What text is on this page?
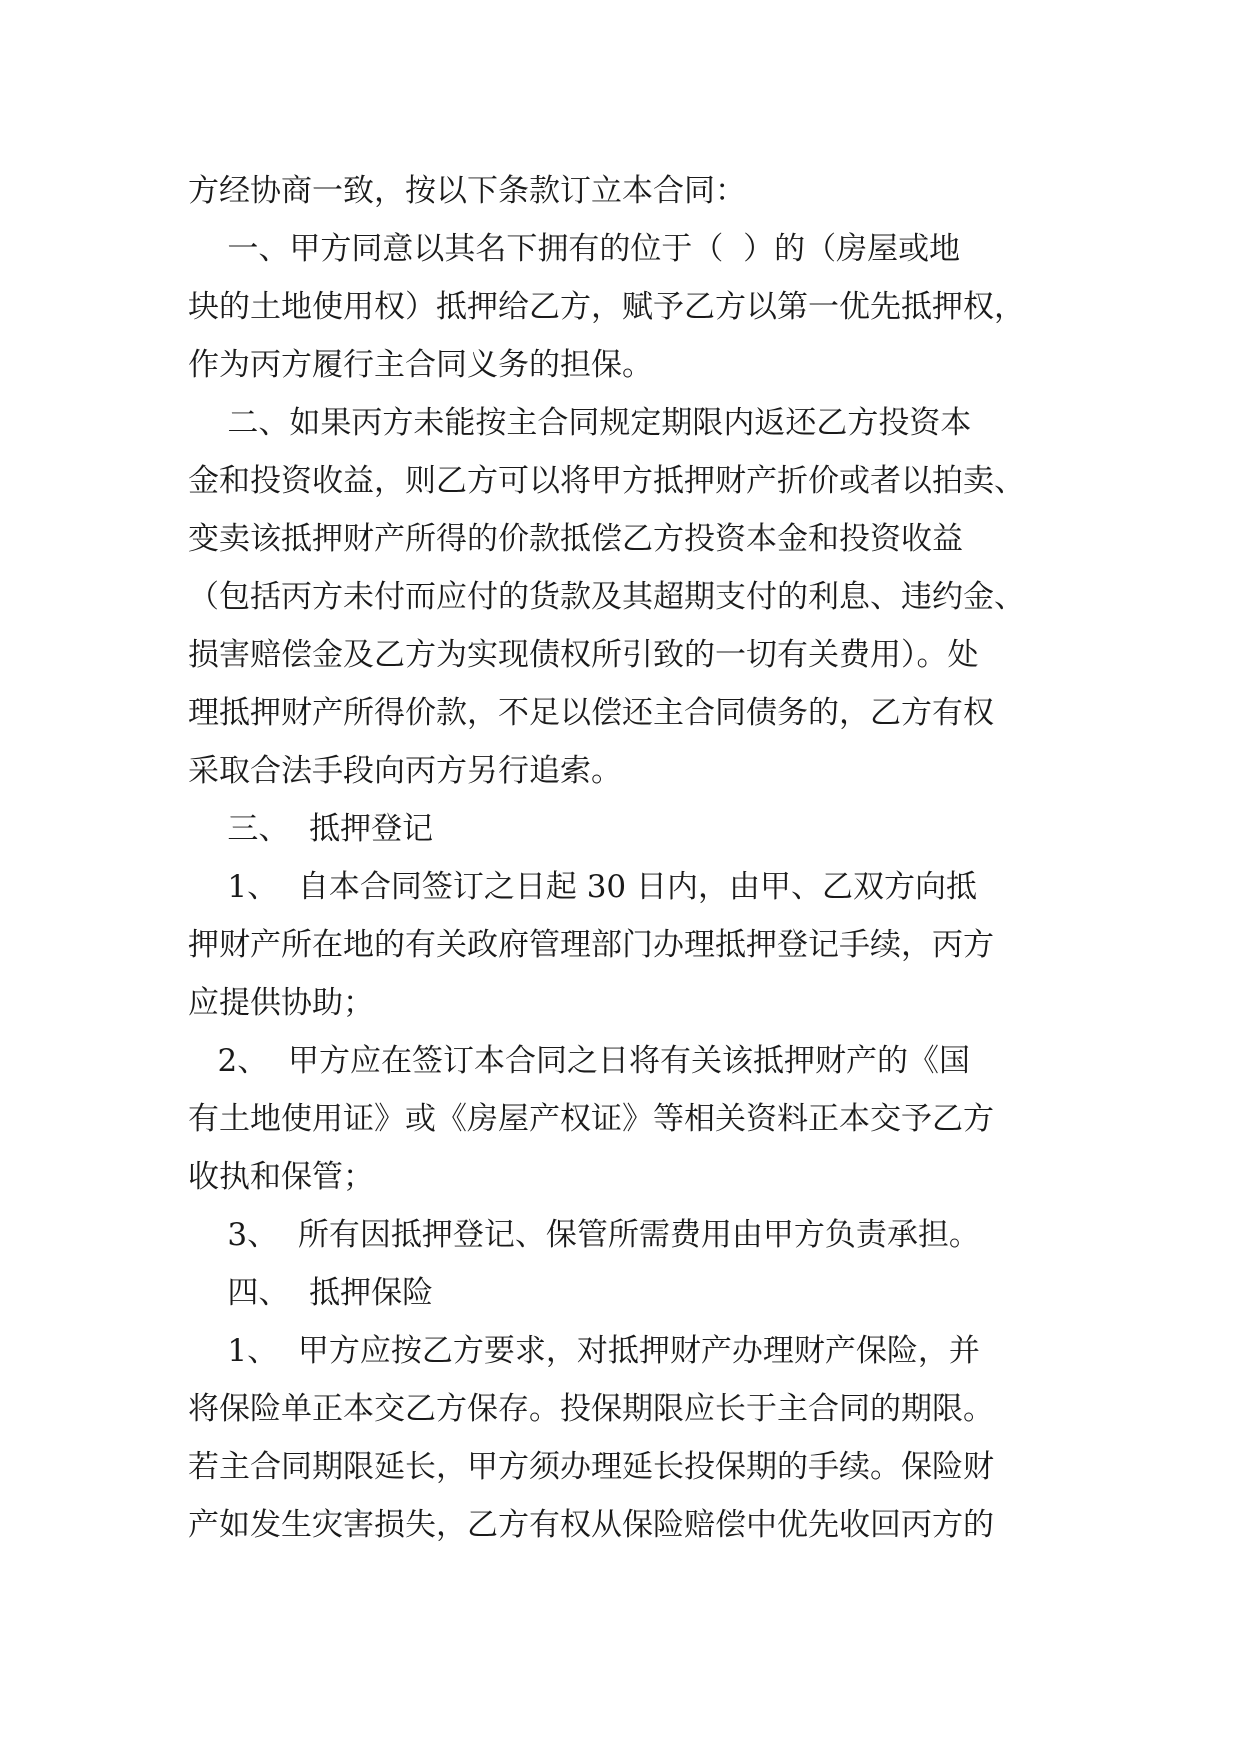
方经协商一致，按以下条款订立本合同：
一、甲方同意以其名下拥有的位于（  ）的（房屋或地
块的土地使用权）抵押给乙方，赋予乙方以第一优先抵押权，
作为丙方履行主合同义务的担保。
二、如果丙方未能按主合同规定期限内返还乙方投资本
金和投资收益，则乙方可以将甲方抵押财产折价或者以拍卖、
变卖该抵押财产所得的价款抵偿乙方投资本金和投资收益
（包括丙方未付而应付的货款及其超期支付的利息、违约金、
损害赔偿金及乙方为实现债权所引致的一切有关费用）。处
理抵押财产所得价款，不足以偿还主合同债务的，乙方有权
采取合法手段向丙方另行追索。
三、  抵押登记
1、  自本合同签订之日起 30 日内，由甲、乙双方向抵
押财产所在地的有关政府管理部门办理抵押登记手续，丙方
应提供协助；
2、  甲方应在签订本合同之日将有关该抵押财产的《国
有土地使用证》或《房屋产权证》等相关资料正本交予乙方
收执和保管；
3、  所有因抵押登记、保管所需费用由甲方负责承担。
四、  抵押保险
1、  甲方应按乙方要求，对抵押财产办理财产保险，并
将保险单正本交乙方保存。投保期限应长于主合同的期限。
若主合同期限延长，甲方须办理延长投保期的手续。保险财
产如发生灾害损失，乙方有权从保险赔偿中优先收回丙方的
